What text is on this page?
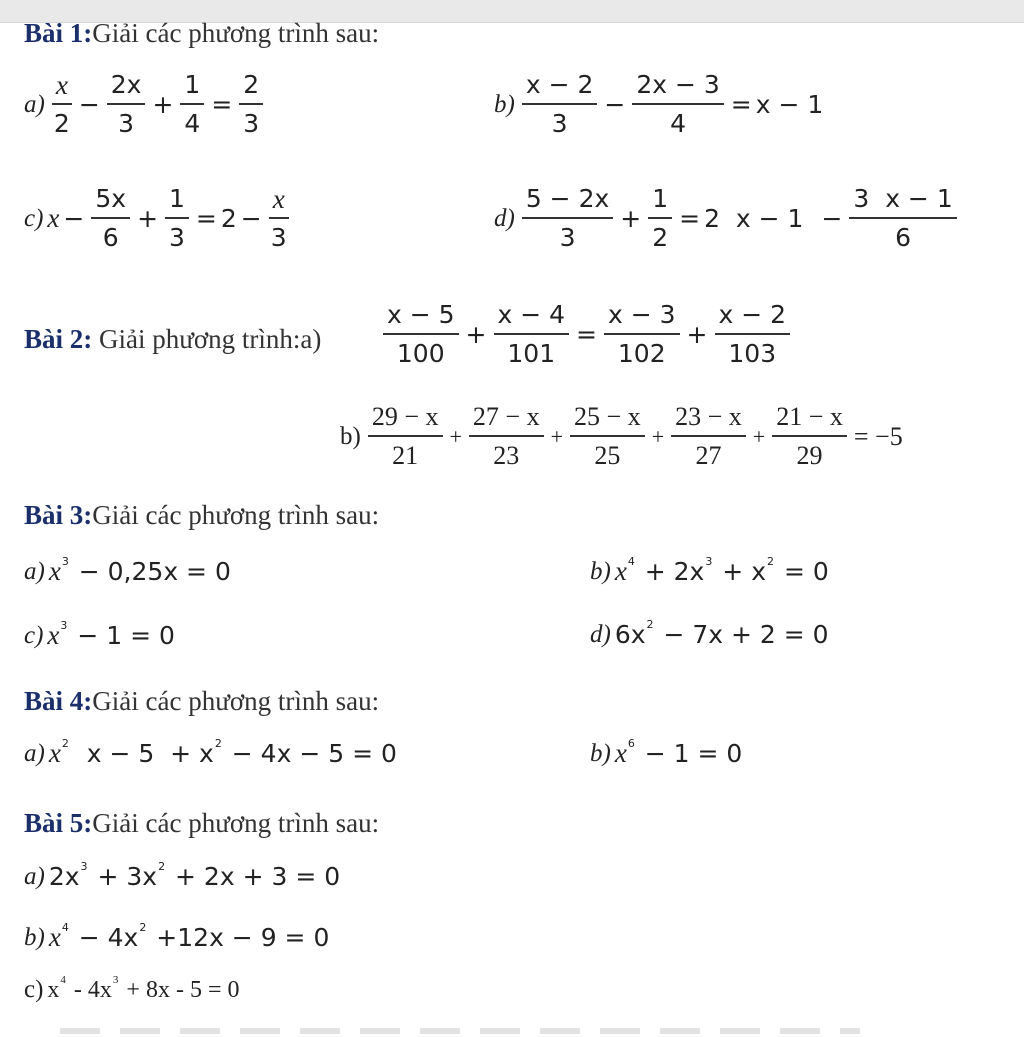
Bài 1:Giải các phương trình sau:
$a) \frac{x}{2} - \frac{2x}{3} + \frac{1}{4} = \frac{2}{3}$	$b) \frac{x - 2}{3} - \frac{2x - 3}{4} = x - 1$
c) $x - \frac{5x}{6} + \frac{1}{3} = 2 - \frac{x}{3}$	$d) \frac{5 - 2x}{3} + \frac{1}{2} = 2$  $x - 1 - \frac{3 x - 1}{6}$
Bài 2: Giải phương trình:a) $\frac{x - 5}{100} + \frac{x - 4}{101} = \frac{x - 3}{102} + \frac{x - 2}{103}$
$b) \frac{29 - x}{21} + \frac{27 - x}{23} + \frac{25 - x}{25} + \frac{23 - x}{27} + \frac{21 - x}{29} = -5$
Bài 3:Giải các phương trình sau:
a) $x^3 - 0,25x = 0$	b) $x^4 + 2x^3 + x^2 = 0$
c) $x^3 - 1 = 0$	d) $6x^2 - 7x + 2 = 0$
Bài 4:Giải các phương trình sau:
a) $x^2$ $x - 5 + x^2 - 4x - 5 = 0$	b) $x^6 - 1 = 0$
Bài 5:Giải các phương trình sau:
a) $2x^3 + 3x^2 + 2x + 3 = 0$
b) $x^4 - 4x^2 +12x - 9 = 0$
c) $x^4 - 4x^3 + 8x - 5 = 0$
